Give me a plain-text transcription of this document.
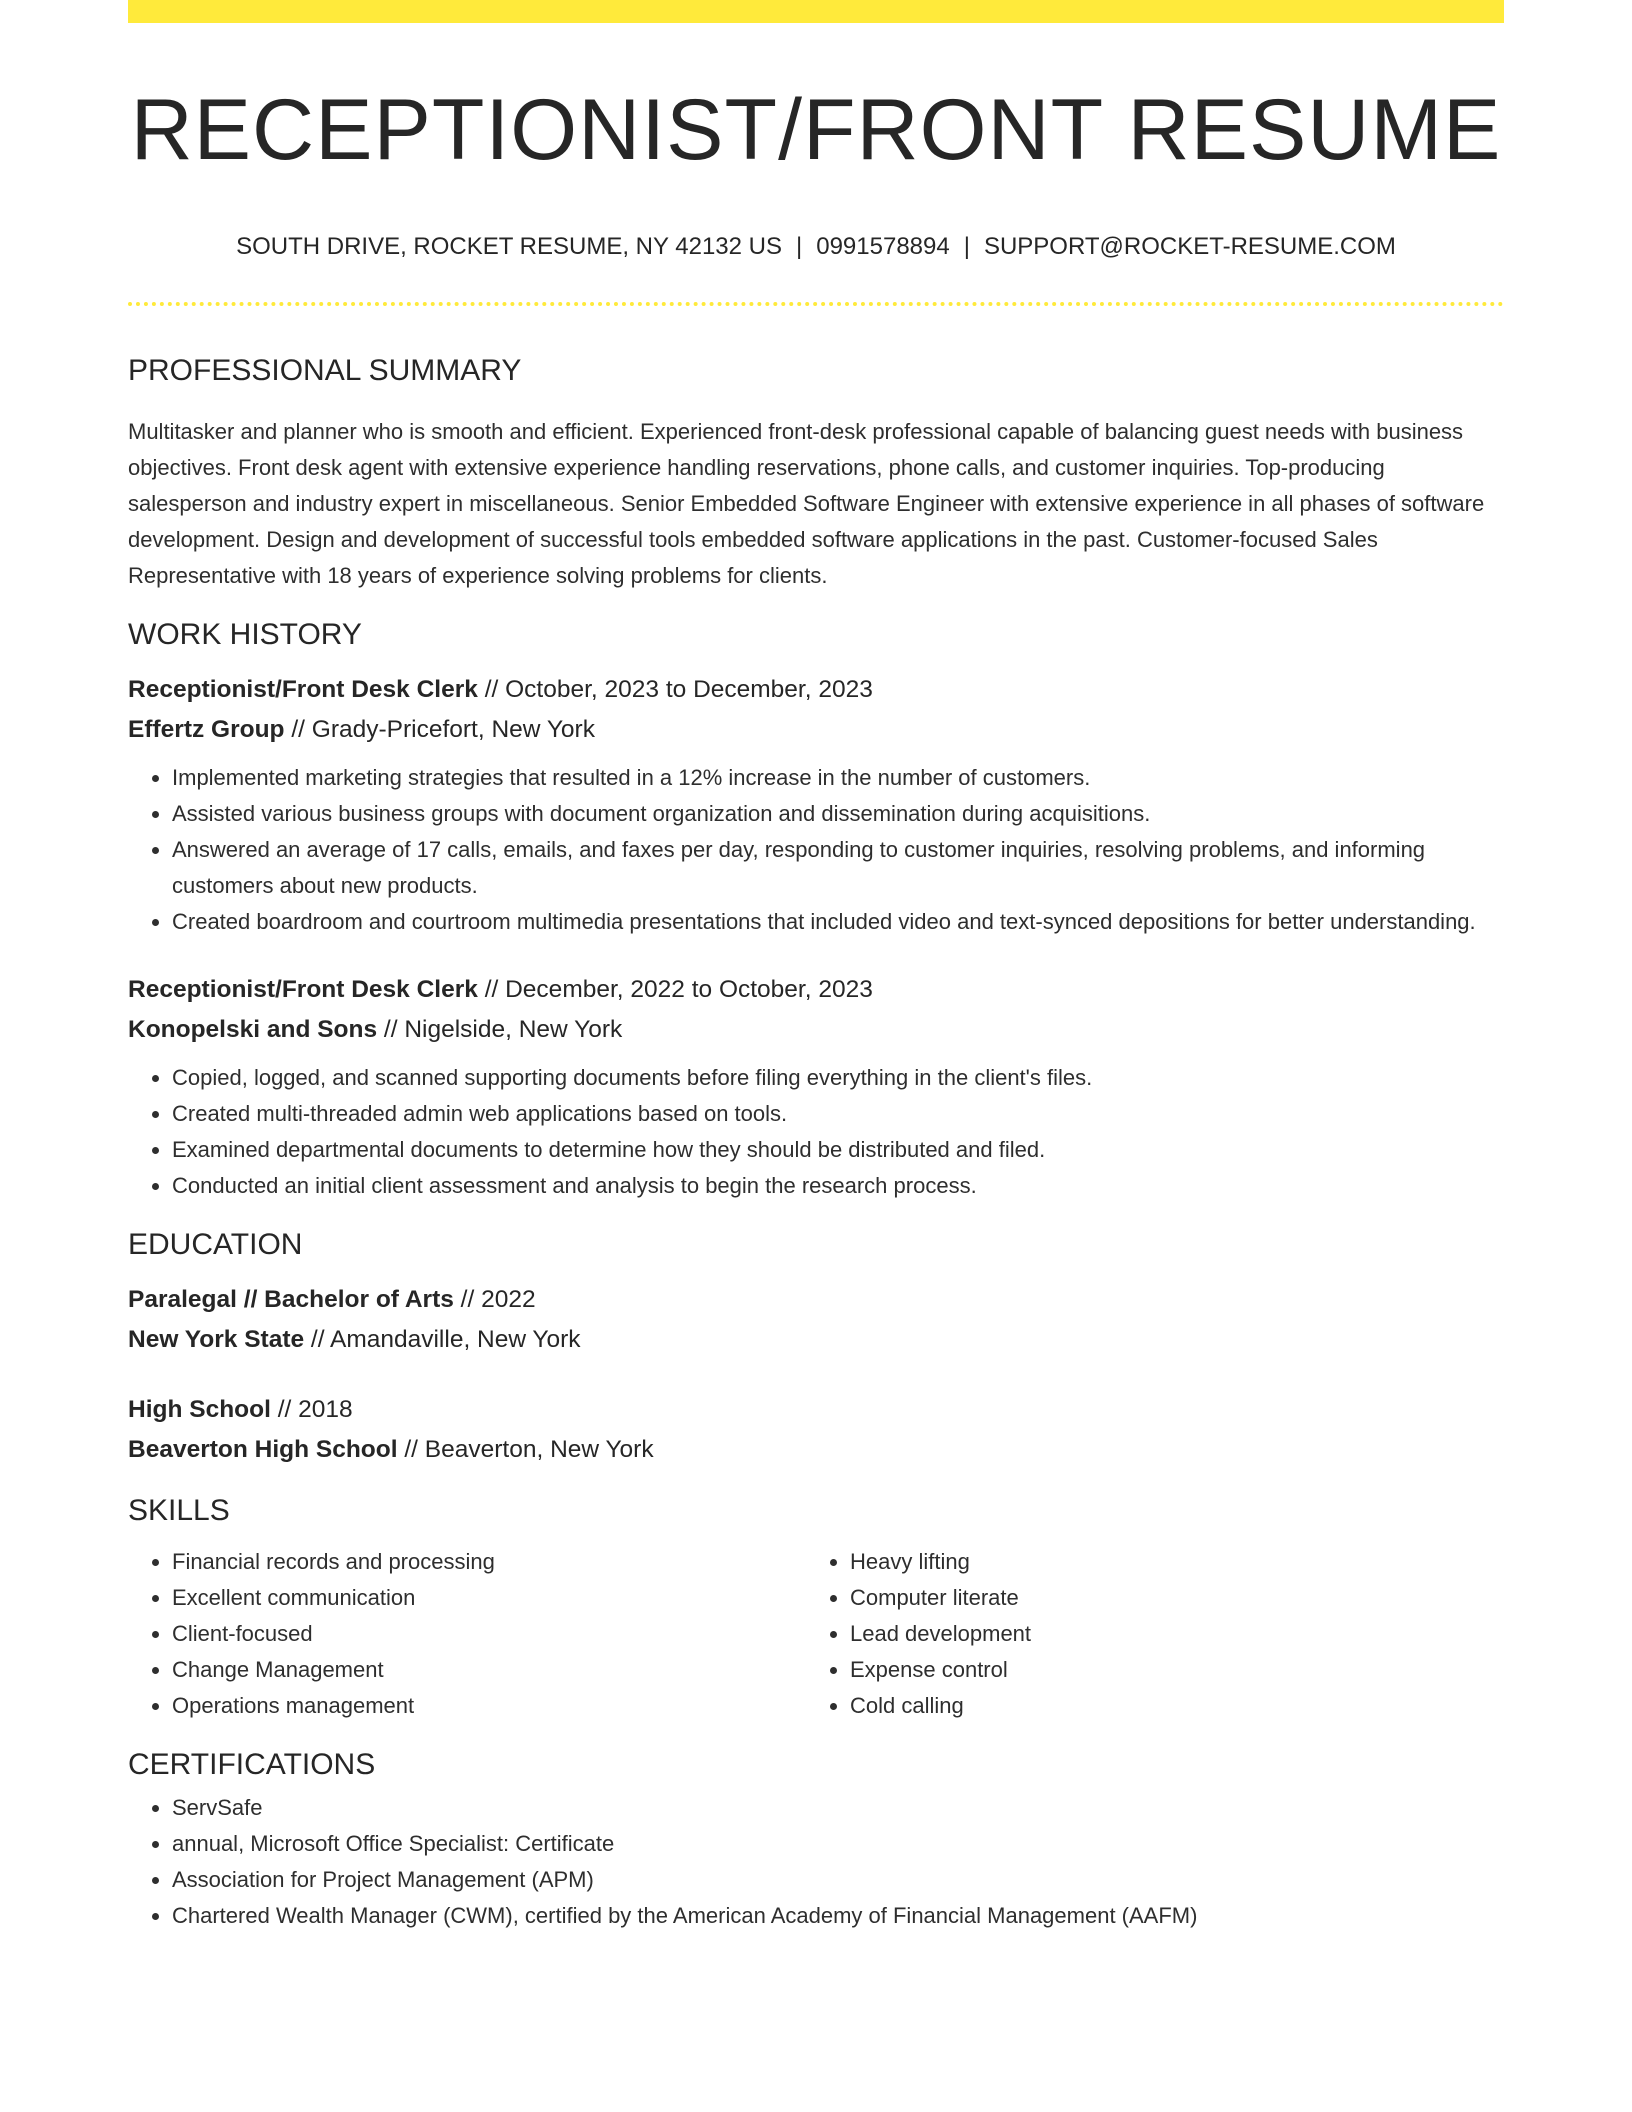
RECEPTIONIST/FRONT RESUME
SOUTH DRIVE, ROCKET RESUME, NY 42132 US | 0991578894 | SUPPORT@ROCKET-RESUME.COM
PROFESSIONAL SUMMARY

Multitasker and planner who is smooth and efficient. Experienced front-desk professional capable of balancing guest needs with business objectives. Front desk agent with extensive experience handling reservations, phone calls, and customer inquiries. Top-producing salesperson and industry expert in miscellaneous. Senior Embedded Software Engineer with extensive experience in all phases of software development. Design and development of successful tools embedded software applications in the past. Customer-focused Sales Representative with 18 years of experience solving problems for clients.

WORK HISTORY
Receptionist/Front Desk Clerk // October, 2023 to December, 2023
Effertz Group // Grady-Pricefort, New York
• Implemented marketing strategies that resulted in a 12% increase in the number of customers.
• Assisted various business groups with document organization and dissemination during acquisitions.
• Answered an average of 17 calls, emails, and faxes per day, responding to customer inquiries, resolving problems, and informing customers about new products.
• Created boardroom and courtroom multimedia presentations that included video and text-synced depositions for better understanding.
Receptionist/Front Desk Clerk // December, 2022 to October, 2023
Konopelski and Sons // Nigelside, New York
• Copied, logged, and scanned supporting documents before filing everything in the client's files.
• Created multi-threaded admin web applications based on tools.
• Examined departmental documents to determine how they should be distributed and filed.
• Conducted an initial client assessment and analysis to begin the research process.
EDUCATION
Paralegal // Bachelor of Arts // 2022
New York State // Amandaville, New York
High School // 2018
Beaverton High School // Beaverton, New York
SKILLS
• Financial records and processing
• Excellent communication
• Client-focused
• Change Management
• Operations management
• Heavy lifting
• Computer literate
• Lead development
• Expense control
• Cold calling
CERTIFICATIONS
• ServSafe
• annual, Microsoft Office Specialist: Certificate
• Association for Project Management (APM)
• Chartered Wealth Manager (CWM), certified by the American Academy of Financial Management (AAFM)
